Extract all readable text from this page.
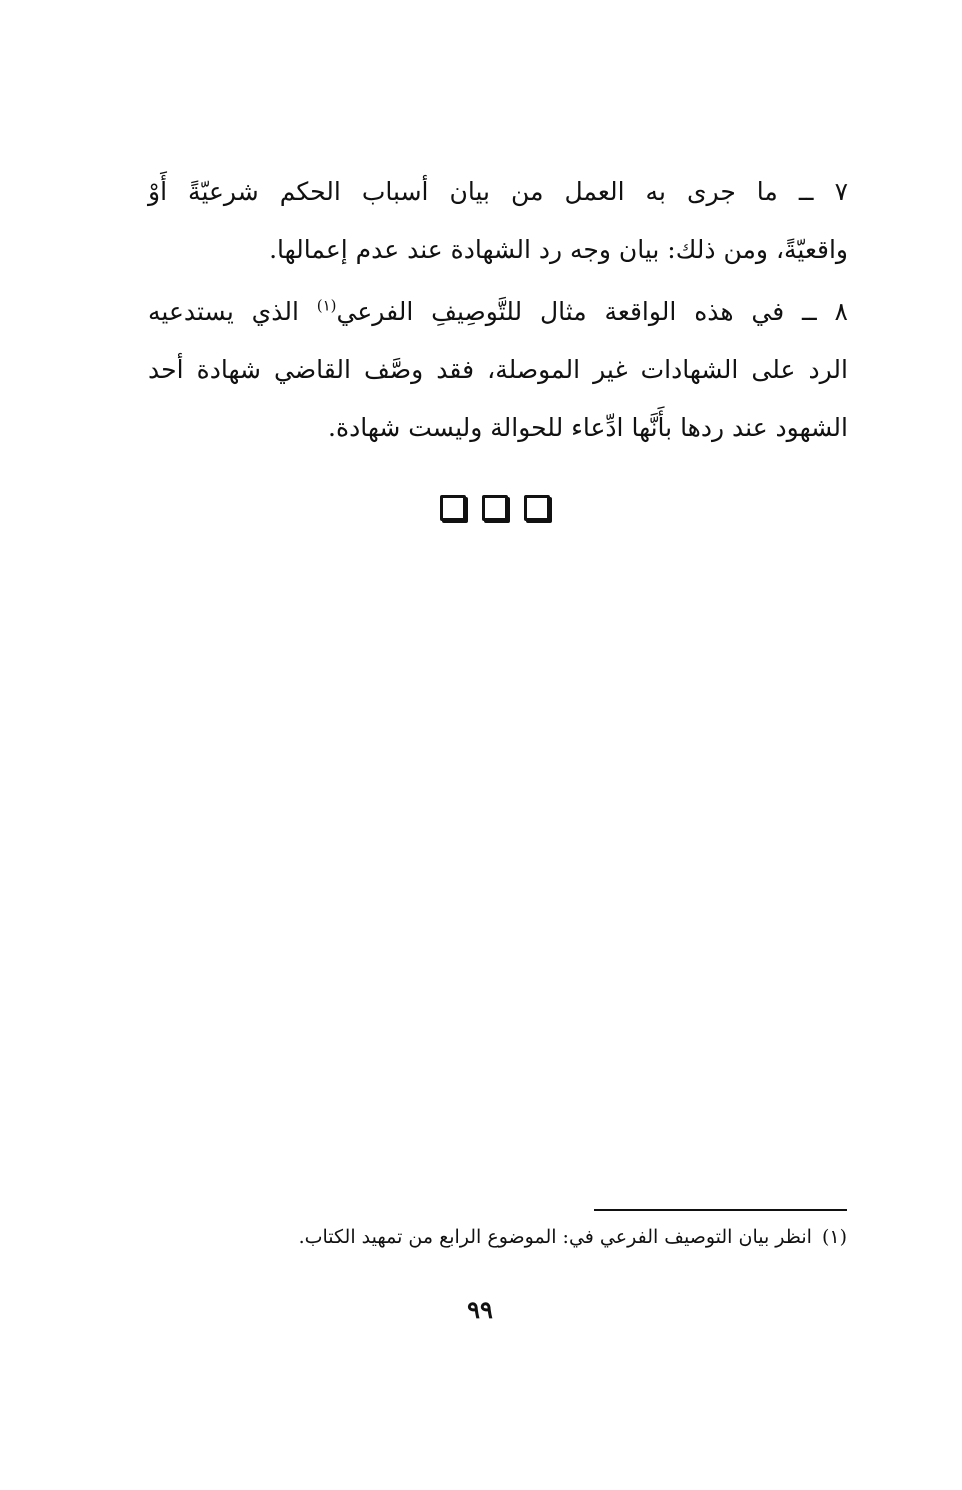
٧ ــ ما جرى به العمل من بيان أسباب الحكم شرعيّةً أَوْ
واقعيّةً، ومن ذلك: بيان وجه رد الشهادة عند عدم إعمالها.

٨ ــ في هذه الواقعة مثال للتَّوصِيفِ الفرعي$^{(١)}$ الذي يستدعيه
الرد على الشهادات غير الموصلة، فقد وصَّف القاضي شهادة أحد
الشهود عند ردها بأَنَّها ادِّعاء للحوالة وليست شهادة.

(١)انظر بيان التوصيف الفرعي في: الموضوع الرابع من تمهيد الكتاب.
٩٩
